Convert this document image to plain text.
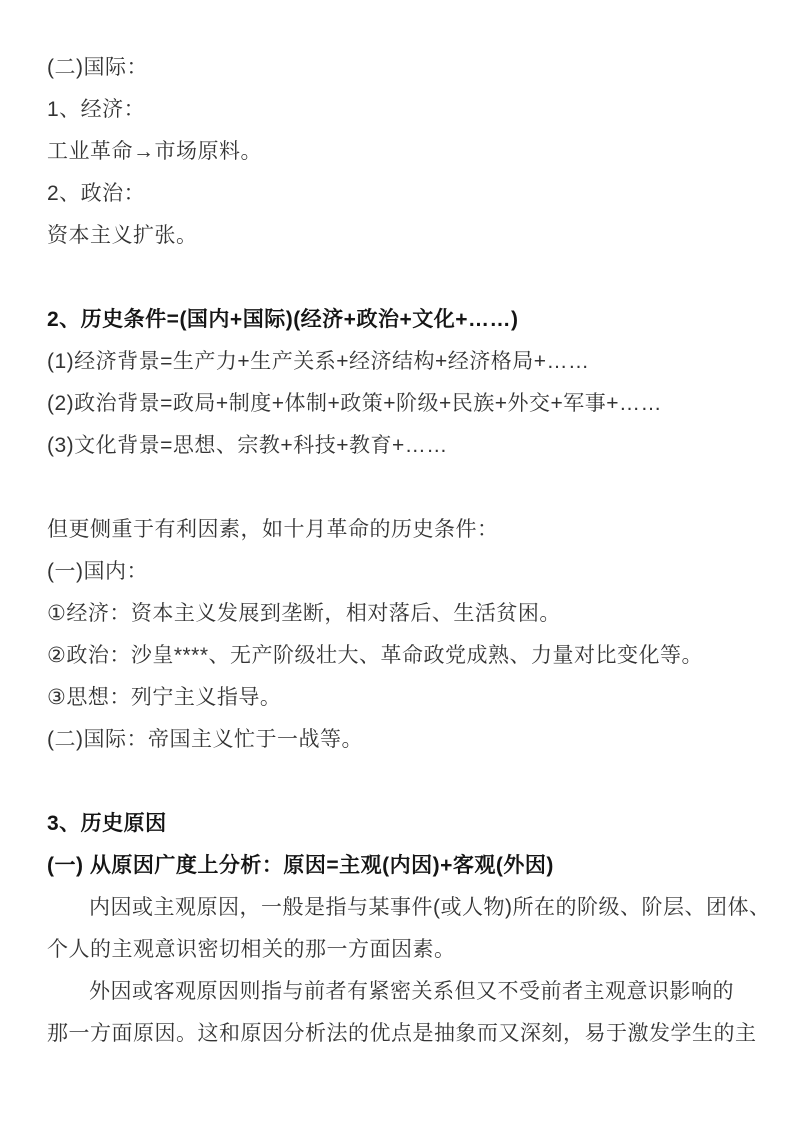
(二)国际：

1、经济：

工业革命→市场原料。

2、政治：

资本主义扩张。

2、历史条件=(国内+国际)(经济+政治+文化+……)

(1)经济背景=生产力+生产关系+经济结构+经济格局+……

(2)政治背景=政局+制度+体制+政策+阶级+民族+外交+军事+……

(3)文化背景=思想、宗教+科技+教育+……

但更侧重于有利因素，如十月革命的历史条件：

(一)国内：

①经济：资本主义发展到垄断，相对落后、生活贫困。

②政治：沙皇****、无产阶级壮大、革命政党成熟、力量对比变化等。

③思想：列宁主义指导。

(二)国际：帝国主义忙于一战等。

3、历史原因

(一) 从原因广度上分析：原因=主观(内因)+客观(外因)

内因或主观原因，一般是指与某事件(或人物)所在的阶级、阶层、团体、

个人的主观意识密切相关的那一方面因素。

外因或客观原因则指与前者有紧密关系但又不受前者主观意识影响的

那一方面原因。这和原因分析法的优点是抽象而又深刻，易于激发学生的主
